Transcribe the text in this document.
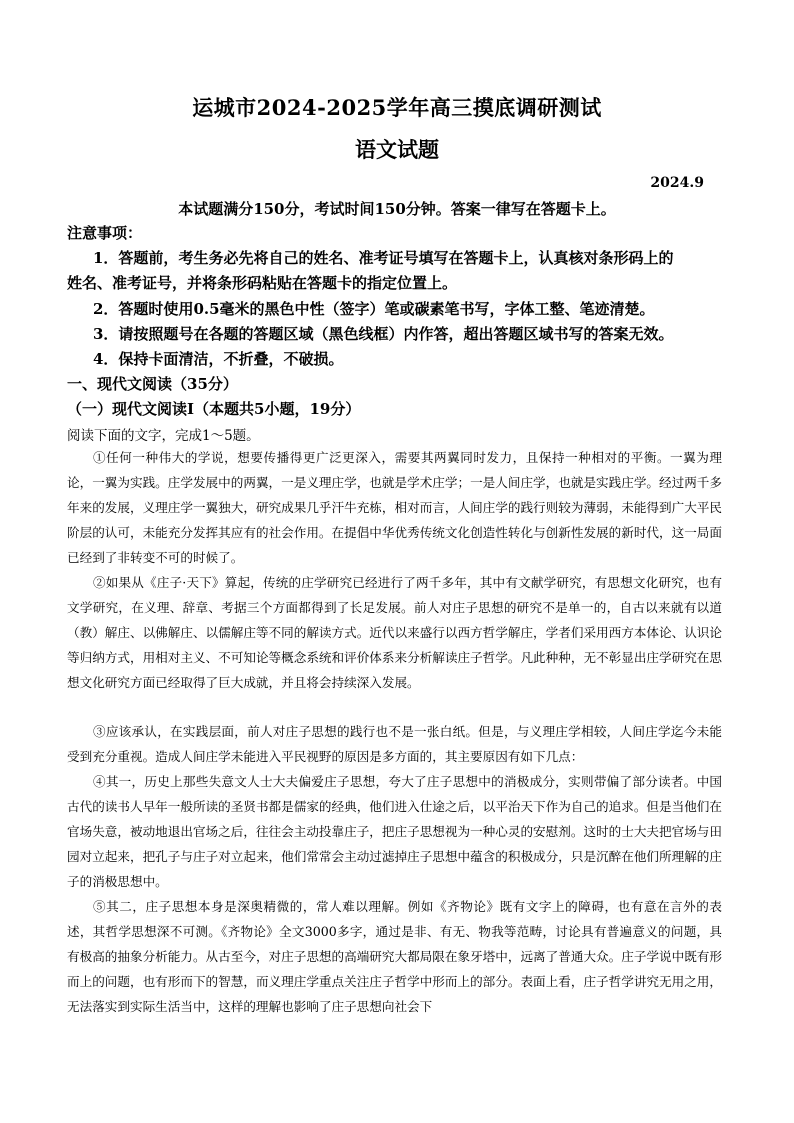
运城市2024-2025学年高三摸底调研测试
语文试题
2024.9
本试题满分150分，考试时间150分钟。答案一律写在答题卡上。
注意事项：
1．答题前，考生务必先将自己的姓名、准考证号填写在答题卡上，认真核对条形码上的
姓名、准考证号，并将条形码粘贴在答题卡的指定位置上。
2．答题时使用0.5毫米的黑色中性（签字）笔或碳素笔书写，字体工整、笔迹清楚。
3．请按照题号在各题的答题区域（黑色线框）内作答，超出答题区域书写的答案无效。
4．保持卡面清洁，不折叠，不破损。
一、现代文阅读（35分）
（一）现代文阅读Ⅰ（本题共5小题，19分）
阅读下面的文字，完成1～5题。
①任何一种伟大的学说，想要传播得更广泛更深入，需要其两翼同时发力，且保持一种相对的平衡。一翼为理论，一翼为实践。庄学发展中的两翼，一是义理庄学，也就是学术庄学；一是人间庄学，也就是实践庄学。经过两千多年来的发展，义理庄学一翼独大，研究成果几乎汗牛充栋，相对而言，人间庄学的践行则较为薄弱，未能得到广大平民阶层的认可，未能充分发挥其应有的社会作用。在提倡中华优秀传统文化创造性转化与创新性发展的新时代，这一局面已经到了非转变不可的时候了。
②如果从《庄子·天下》算起，传统的庄学研究已经进行了两千多年，其中有文献学研究，有思想文化研究，也有文学研究，在义理、辞章、考据三个方面都得到了长足发展。前人对庄子思想的研究不是单一的，自古以来就有以道（教）解庄、以佛解庄、以儒解庄等不同的解读方式。近代以来盛行以西方哲学解庄，学者们采用西方本体论、认识论等归纳方式，用相对主义、不可知论等概念系统和评价体系来分析解读庄子哲学。凡此种种，无不彰显出庄学研究在思想文化研究方面已经取得了巨大成就，并且将会持续深入发展。
③应该承认，在实践层面，前人对庄子思想的践行也不是一张白纸。但是，与义理庄学相较，人间庄学迄今未能受到充分重视。造成人间庄学未能进入平民视野的原因是多方面的，其主要原因有如下几点：
④其一，历史上那些失意文人士大夫偏爱庄子思想，夸大了庄子思想中的消极成分，实则带偏了部分读者。中国古代的读书人早年一般所读的圣贤书都是儒家的经典，他们进入仕途之后，以平治天下作为自己的追求。但是当他们在官场失意，被动地退出官场之后，往往会主动投靠庄子，把庄子思想视为一种心灵的安慰剂。这时的士大夫把官场与田园对立起来，把孔子与庄子对立起来，他们常常会主动过滤掉庄子思想中蕴含的积极成分，只是沉醉在他们所理解的庄子的消极思想中。
⑤其二，庄子思想本身是深奥精微的，常人难以理解。例如《齐物论》既有文字上的障碍，也有意在言外的表述，其哲学思想深不可测。《齐物论》全文3000多字，通过是非、有无、物我等范畴，讨论具有普遍意义的问题，具有极高的抽象分析能力。从古至今，对庄子思想的高端研究大都局限在象牙塔中，远离了普通大众。庄子学说中既有形而上的问题，也有形而下的智慧，而义理庄学重点关注庄子哲学中形而上的部分。表面上看，庄子哲学讲究无用之用，无法落实到实际生活当中，这样的理解也影响了庄子思想向社会下
